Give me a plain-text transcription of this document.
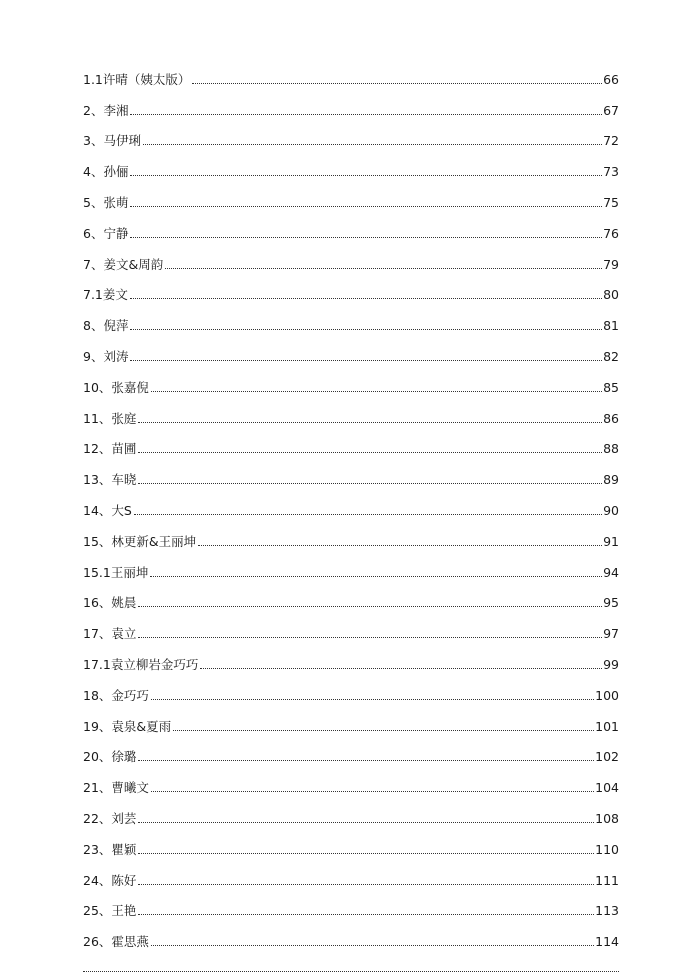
1.1许晴（姨太版）	66
2、李湘	67
3、马伊琍	72
4、孙俪	73
5、张萌	75
6、宁静	76
7、姜文&周韵	79
7.1姜文	80
8、倪萍	81
9、刘涛	82
10、张嘉倪	85
11、张庭	86
12、苗圃	88
13、车晓	89
14、大S	90
15、林更新&王丽坤	91
15.1王丽坤	94
16、姚晨	95
17、袁立	97
17.1袁立柳岩金巧巧	99
18、金巧巧	100
19、袁泉&夏雨	101
20、徐璐	102
21、曹曦文	104
22、刘芸	108
23、瞿颖	110
24、陈好	111
25、王艳	113
26、霍思燕	114
